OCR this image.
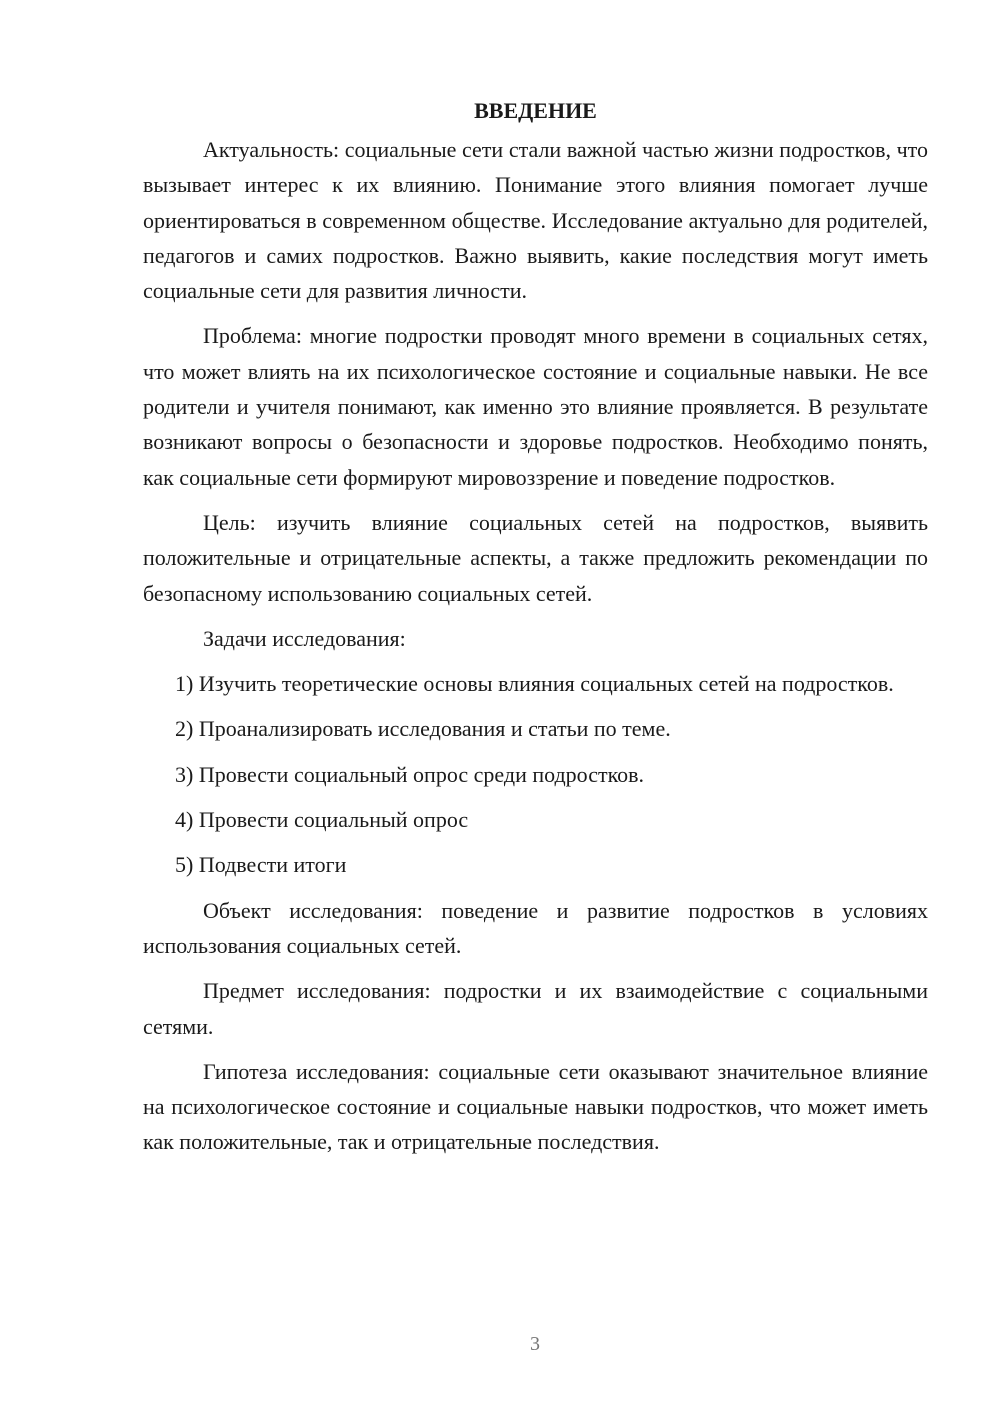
ВВЕДЕНИЕ

Актуальность: социальные сети стали важной частью жизни подростков, что вызывает интерес к их влиянию. Понимание этого влияния помогает лучше ориентироваться в современном обществе. Исследование актуально для родителей, педагогов и самих подростков. Важно выявить, какие последствия могут иметь социальные сети для развития личности.

Проблема: многие подростки проводят много времени в социальных сетях, что может влиять на их психологическое состояние и социальные навыки. Не все родители и учителя понимают, как именно это влияние проявляется. В результате возникают вопросы о безопасности и здоровье подростков. Необходимо понять, как социальные сети формируют мировоззрение и поведение подростков.

Цель: изучить влияние социальных сетей на подростков, выявить положительные и отрицательные аспекты, а также предложить рекомендации по безопасному использованию социальных сетей.

Задачи исследования:

1) Изучить теоретические основы влияния социальных сетей на подростков.

2) Проанализировать исследования и статьи по теме.

3) Провести социальный опрос среди подростков.

4) Провести социальный опрос

5) Подвести итоги

Объект исследования: поведение и развитие подростков в условиях использования социальных сетей.

Предмет исследования: подростки и их взаимодействие с социальными сетями.

Гипотеза исследования: социальные сети оказывают значительное влияние на психологическое состояние и социальные навыки подростков, что может иметь как положительные, так и отрицательные последствия.

3
